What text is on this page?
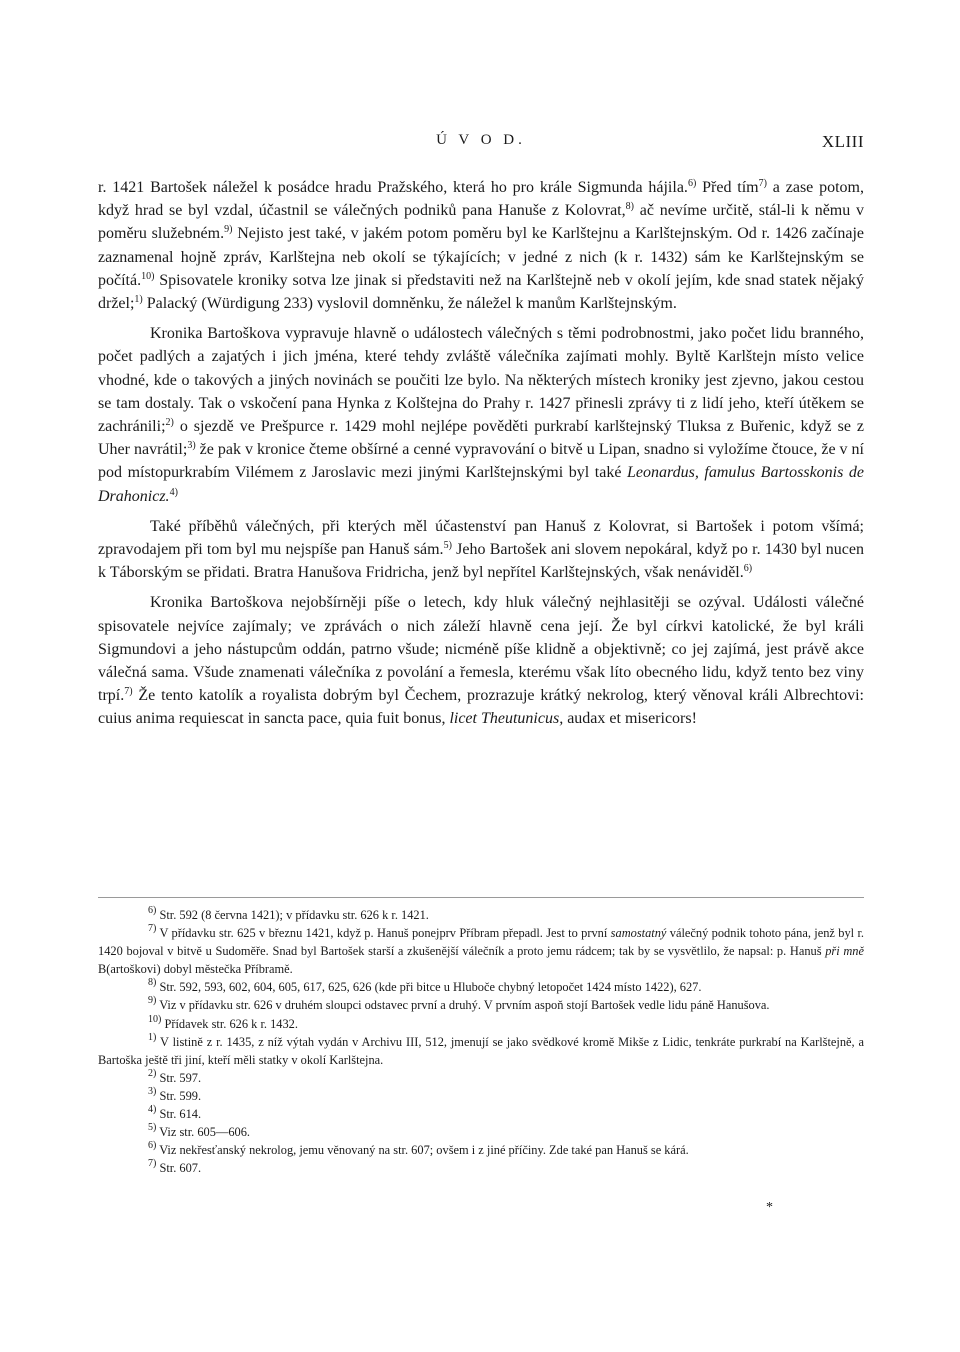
Ú V O D.	XLIII

r. 1421 Bartošek náležel k posádce hradu Pražského, která ho pro krále Sigmunda hájila.$^{6)}$ Před tím$^{7)}$ a zase potom, když hrad se byl vzdal, účastnil se válečných podniků pana Hanuše z Kolovrat,$^{8)}$ ač nevíme určitě, stál-li k němu v poměru služebném.$^{9)}$ Nejisto jest také, v jakém potom poměru byl ke Karlštejnu a Karlštejnským. Od r. 1426 začínaje zaznamenal hojně zpráv, Karlštejna neb okolí se týkajících; v jedné z nich (k r. 1432) sám ke Karlštejnským se počítá.$^{10)}$ Spisovatele kroniky sotva lze jinak si představiti než na Karlštejně neb v okolí jejím, kde snad statek nějaký držel;$^{1)}$ Palacký (Würdigung 233) vyslovil domněnku, že náležel k manům Karlštejnským.

Kronika Bartoškova vypravuje hlavně o událostech válečných s těmi podrobnostmi, jako počet lidu branného, počet padlých a zajatých i jich jména, které tehdy zvláště válečníka zajímati mohly. Byltě Karlštejn místo velice vhodné, kde o takových a jiných novinách se poučiti lze bylo. Na některých místech kroniky jest zjevno, jakou cestou se tam dostaly. Tak o vskočení pana Hynka z Kolštejna do Prahy r. 1427 přinesli zprávy ti z lidí jeho, kteří útěkem se zachránili;$^{2)}$ o sjezdě ve Prešpurce r. 1429 mohl nejlépe pověděti purkrabí karlštejnský Tluksa z Buřenic, když se z Uher navrátil;$^{3)}$ že pak v kronice čteme obšírné a cenné vypravování o bitvě u Lipan, snadno si vyložíme čtouce, že v ní pod místopurkrabím Vilémem z Jaroslavic mezi jinými Karlštejnskými byl také Leonardus, famulus Bartosskonis de Drahonicz.$^{4)}$

Také příběhů válečných, při kterých měl účastenství pan Hanuš z Kolovrat, si Bartošek i potom všímá; zpravodajem při tom byl mu nejspíše pan Hanuš sám.$^{5)}$ Jeho Bartošek ani slovem nepokáral, když po r. 1430 byl nucen k Táborským se přidati. Bratra Hanušova Fridricha, jenž byl nepřítel Karlštejnských, však nenáviděl.$^{6)}$

Kronika Bartoškova nejobšírněji píše o letech, kdy hluk válečný nejhlasitěji se ozýval. Události válečné spisovatele nejvíce zajímaly; ve zprávách o nich záleží hlavně cena její. Že byl církvi katolické, že byl králi Sigmundovi a jeho nástupcům oddán, patrno všude; nicméně píše klidně a objektivně; co jej zajímá, jest právě akce válečná sama. Všude znamenati válečníka z povolání a řemesla, kterému však líto obecného lidu, když tento bez viny trpí.$^{7)}$ Že tento katolík a royalista dobrým byl Čechem, prozrazuje krátký nekrolog, který věnoval králi Albrechtovi: cuius anima requiescat in sancta pace, quia fuit bonus, licet Theutunicus, audax et misericors!

$^{6)}$ Str. 592 (8 června 1421); v přídavku str. 626 k r. 1421.

$^{7)}$ V přídavku str. 625 v březnu 1421, když p. Hanuš ponejprv Příbram přepadl. Jest to první samostatný válečný podnik tohoto pána, jenž byl r. 1420 bojoval v bitvě u Sudoměře. Snad byl Bartošek starší a zkušenější válečník a proto jemu rádcem; tak by se vysvětlilo, že napsal: p. Hanuš při mně B(artoškovi) dobyl městečka Příbramě.

$^{8)}$ Str. 592, 593, 602, 604, 605, 617, 625, 626 (kde při bitce u Hluboče chybný letopočet 1424 místo 1422), 627.

$^{9)}$ Viz v přídavku str. 626 v druhém sloupci odstavec první a druhý. V prvním aspoň stojí Bartošek vedle lidu páně Hanušova.

$^{10)}$ Přídavek str. 626 k r. 1432.

$^{1)}$ V listině z r. 1435, z níž výtah vydán v Archivu III, 512, jmenují se jako svědkové kromě Mikše z Lidic, tenkráte purkrabí na Karlštejně, a Bartoška ještě tři jiní, kteří měli statky v okolí Karlštejna.

$^{2)}$ Str. 597.

$^{3)}$ Str. 599.

$^{4)}$ Str. 614.

$^{5)}$ Viz str. 605—606.

$^{6)}$ Viz nekřesťanský nekrolog, jemu věnovaný na str. 607; ovšem i z jiné příčiny. Zde také pan Hanuš se kárá.

$^{7)}$ Str. 607.

*
